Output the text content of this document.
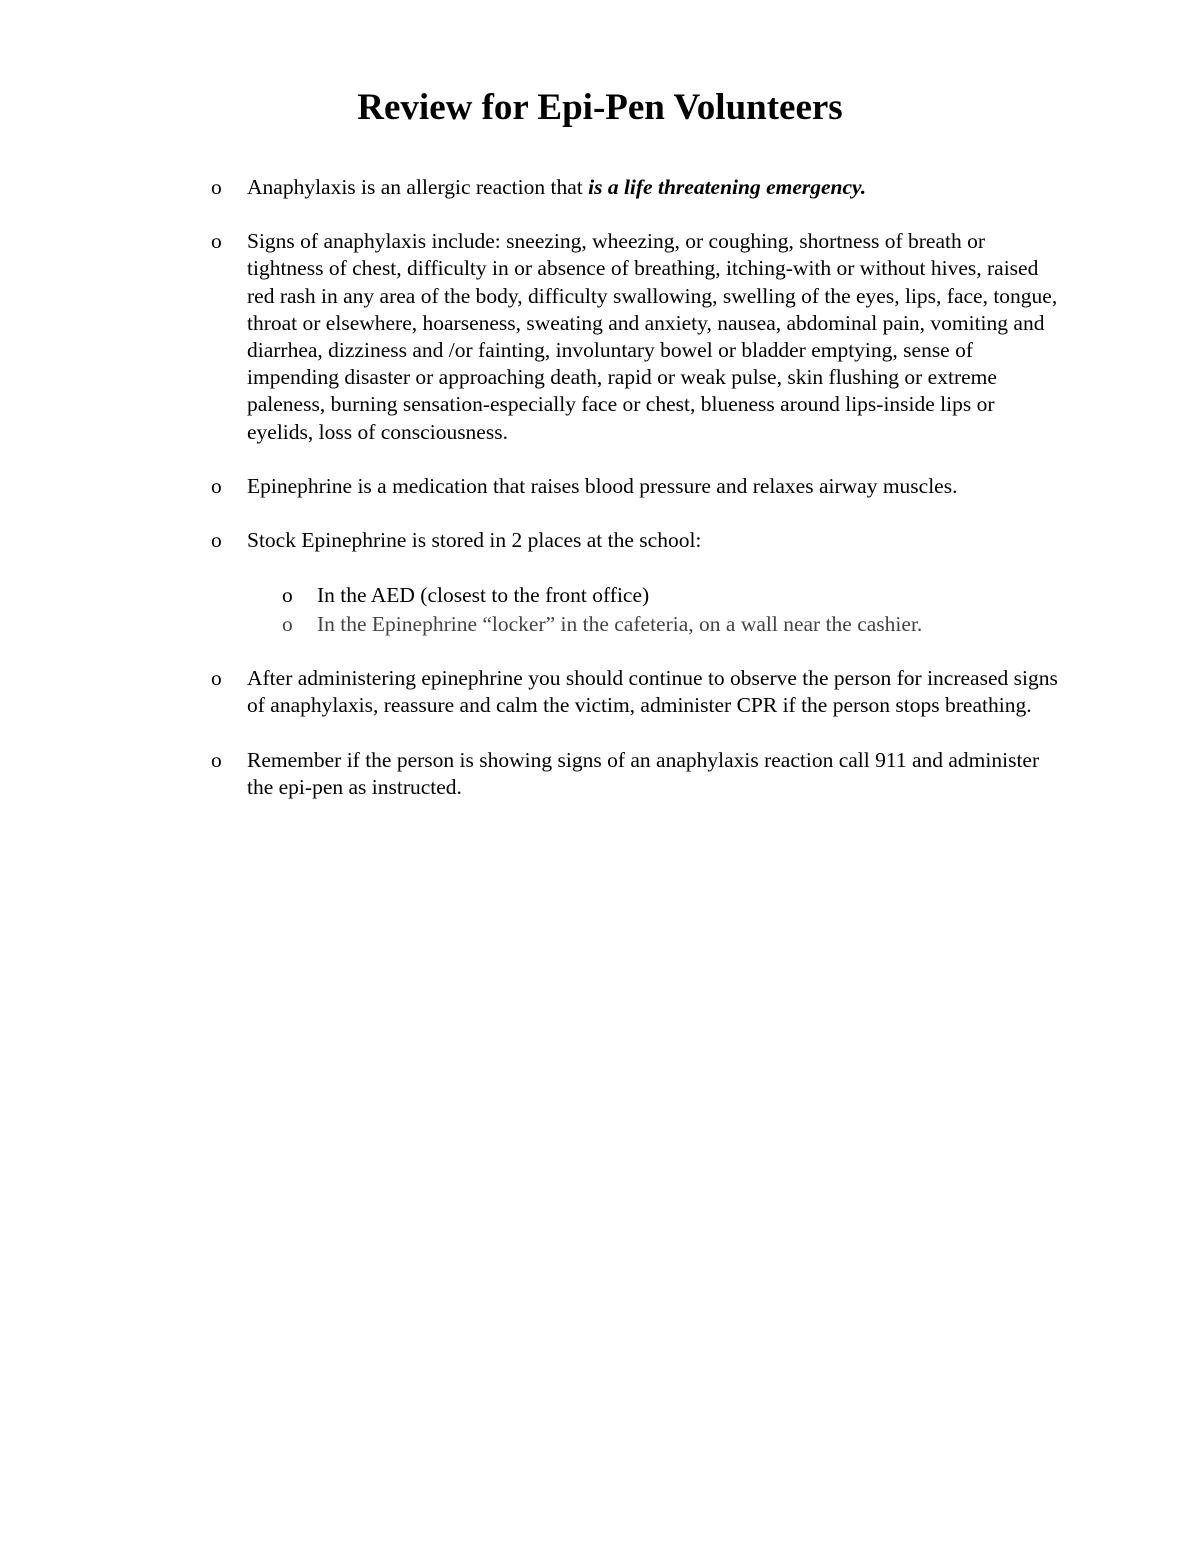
Review for Epi-Pen Volunteers
o Anaphylaxis is an allergic reaction that is a life threatening emergency.
o Signs of anaphylaxis include: sneezing, wheezing, or coughing, shortness of breath or tightness of chest, difficulty in or absence of breathing, itching-with or without hives, raised red rash in any area of the body, difficulty swallowing, swelling of the eyes, lips, face, tongue, throat or elsewhere, hoarseness, sweating and anxiety, nausea, abdominal pain, vomiting and diarrhea, dizziness and /or fainting, involuntary bowel or bladder emptying, sense of impending disaster or approaching death, rapid or weak pulse, skin flushing or extreme paleness, burning sensation-especially face or chest, blueness around lips-inside lips or eyelids, loss of consciousness.
o Epinephrine is a medication that raises blood pressure and relaxes airway muscles.
o Stock Epinephrine is stored in 2 places at the school:
o In the AED (closest to the front office)
o In the Epinephrine “locker” in the cafeteria, on a wall near the cashier.
o After administering epinephrine you should continue to observe the person for increased signs of anaphylaxis, reassure and calm the victim, administer CPR if the person stops breathing.
o Remember if the person is showing signs of an anaphylaxis reaction call 911 and administer the epi-pen as instructed.
